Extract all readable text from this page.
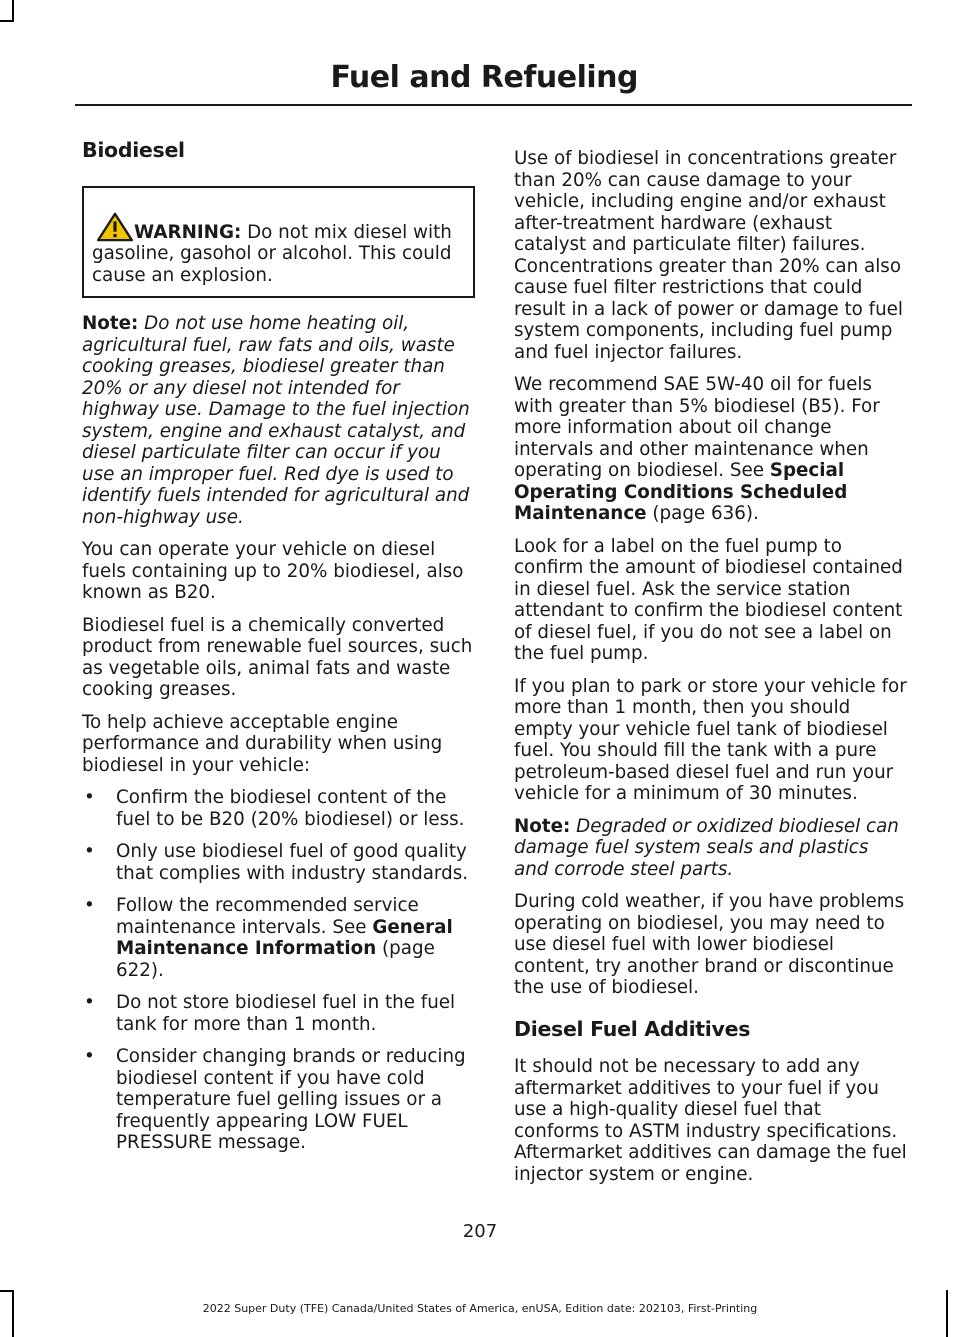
Fuel and Refueling
Biodiesel
WARNING: Do not mix diesel with gasoline, gasohol or alcohol. This could cause an explosion.

Note: Do not use home heating oil, agricultural fuel, raw fats and oils, waste cooking greases, biodiesel greater than 20% or any diesel not intended for highway use. Damage to the fuel injection system, engine and exhaust catalyst, and diesel particulate filter can occur if you use an improper fuel. Red dye is used to identify fuels intended for agricultural and non-highway use.

You can operate your vehicle on diesel fuels containing up to 20% biodiesel, also known as B20.

Biodiesel fuel is a chemically converted product from renewable fuel sources, such as vegetable oils, animal fats and waste cooking greases.

To help achieve acceptable engine performance and durability when using biodiesel in your vehicle:

• Confirm the biodiesel content of the fuel to be B20 (20% biodiesel) or less.
• Only use biodiesel fuel of good quality that complies with industry standards.
• Follow the recommended service maintenance intervals. See General Maintenance Information (page 622).
• Do not store biodiesel fuel in the fuel tank for more than 1 month.
• Consider changing brands or reducing biodiesel content if you have cold temperature fuel gelling issues or a frequently appearing LOW FUEL PRESSURE message.

Use of biodiesel in concentrations greater than 20% can cause damage to your vehicle, including engine and/or exhaust after-treatment hardware (exhaust catalyst and particulate filter) failures. Concentrations greater than 20% can also cause fuel filter restrictions that could result in a lack of power or damage to fuel system components, including fuel pump and fuel injector failures.

We recommend SAE 5W-40 oil for fuels with greater than 5% biodiesel (B5). For more information about oil change intervals and other maintenance when operating on biodiesel. See Special Operating Conditions Scheduled Maintenance (page 636).

Look for a label on the fuel pump to confirm the amount of biodiesel contained in diesel fuel. Ask the service station attendant to confirm the biodiesel content of diesel fuel, if you do not see a label on the fuel pump.

If you plan to park or store your vehicle for more than 1 month, then you should empty your vehicle fuel tank of biodiesel fuel. You should fill the tank with a pure petroleum-based diesel fuel and run your vehicle for a minimum of 30 minutes.

Note: Degraded or oxidized biodiesel can damage fuel system seals and plastics and corrode steel parts.

During cold weather, if you have problems operating on biodiesel, you may need to use diesel fuel with lower biodiesel content, try another brand or discontinue the use of biodiesel.

Diesel Fuel Additives

It should not be necessary to add any aftermarket additives to your fuel if you use a high-quality diesel fuel that conforms to ASTM industry specifications. Aftermarket additives can damage the fuel injector system or engine.

207
2022 Super Duty (TFE) Canada/United States of America, enUSA, Edition date: 202103, First-Printing
